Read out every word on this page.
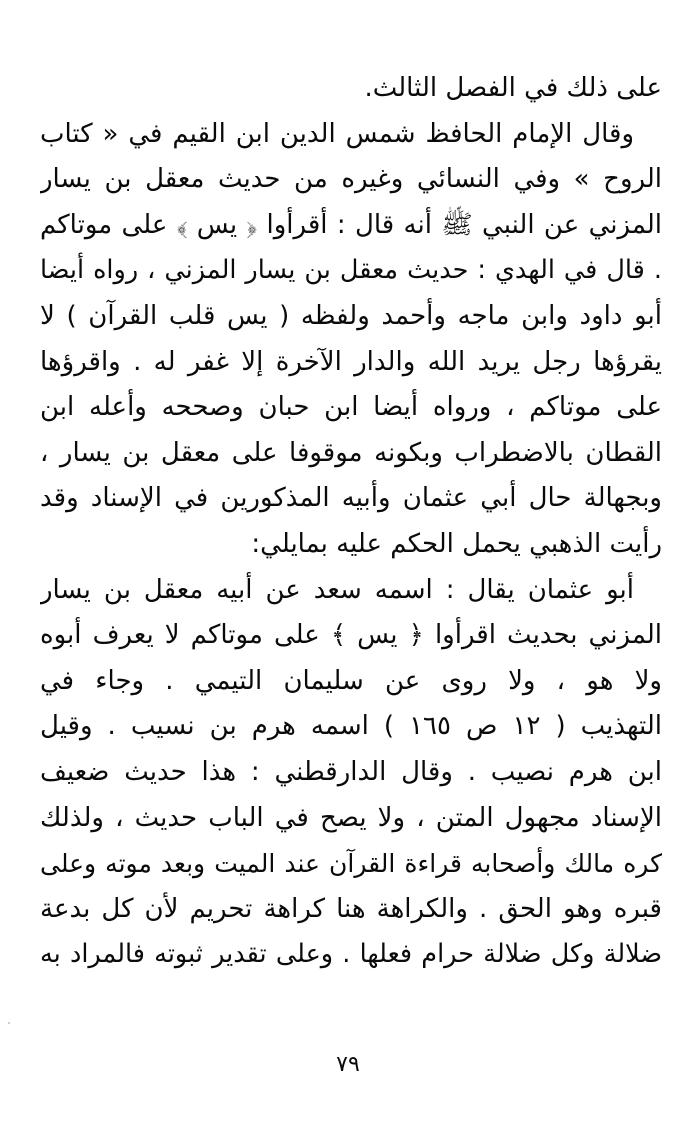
على ذلك في الفصل الثالث.
وقال الإمام الحافظ شمس الدين ابن القيم في « كتاب
الروح » وفي النسائي وغيره من حديث معقل بن يسار
المزني عن النبي ﷺ أنه قال : أقرأوا ﴿ يس ﴾ على موتاكم
. قال في الهدي : حديث معقل بن يسار المزني ، رواه أيضا
أبو داود وابن ماجه وأحمد ولفظه ( يس قلب القرآن ) لا
يقرؤها رجل يريد الله والدار الآخرة إلا غفر له . واقرؤها
على موتاكم ، ورواه أيضا ابن حبان وصححه وأعله ابن
القطان بالاضطراب وبكونه موقوفا على معقل بن يسار ،
وبجهالة حال أبي عثمان وأبيه المذكورين في الإسناد وقد
رأيت الذهبي يحمل الحكم عليه بمايلي:
أبو عثمان يقال : اسمه سعد عن أبيه معقل بن يسار
المزني بحديث اقرأوا ﴿ يس ﴾ على موتاكم لا يعرف أبوه
ولا هو ، ولا روى عن سليمان التيمي . وجاء في
التهذيب ( ١٢ ص ١٦٥ ) اسمه هرم بن نسيب . وقيل
ابن هرم نصيب . وقال الدارقطني : هذا حديث ضعيف
الإسناد مجهول المتن ، ولا يصح في الباب حديث ، ولذلك
كره مالك وأصحابه قراءة القرآن عند الميت وبعد موته وعلى
قبره وهو الحق . والكراهة هنا كراهة تحريم لأن كل بدعة
ضلالة وكل ضلالة حرام فعلها . وعلى تقدير ثبوته فالمراد به
٧٩
